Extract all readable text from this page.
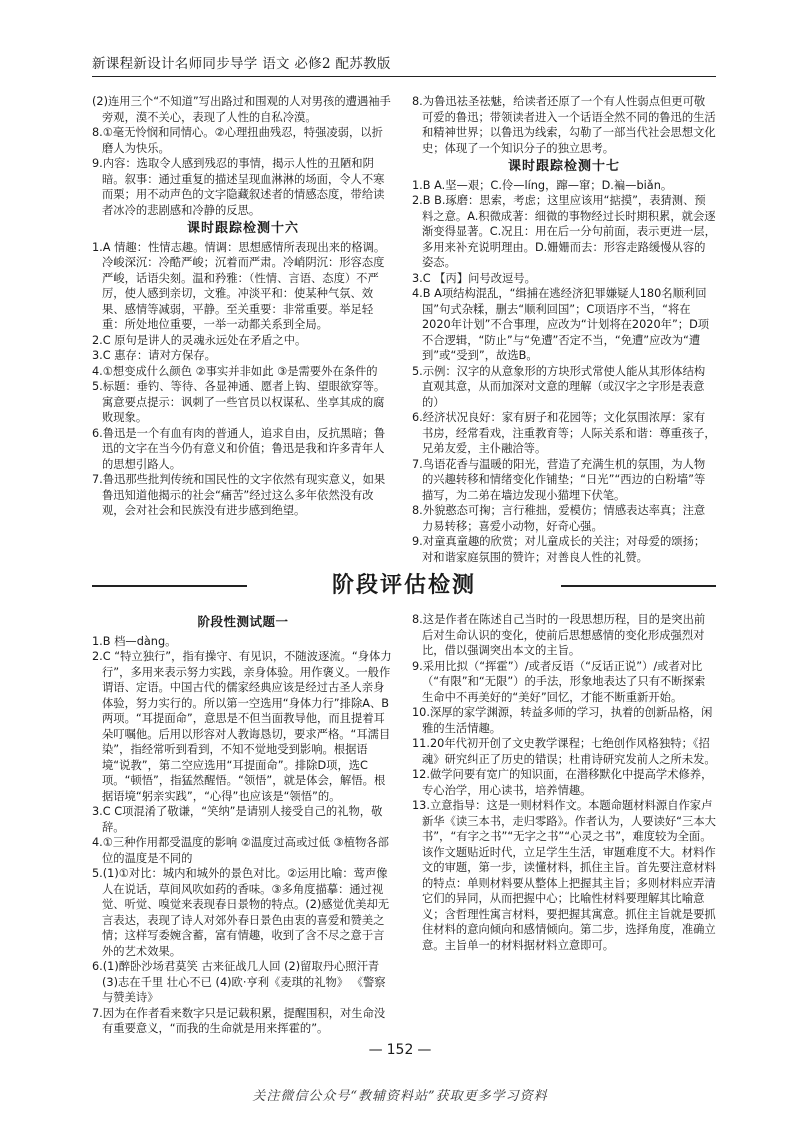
新课程新设计名师同步导学 语文 必修2 配苏教版

(2)连用三个“不知道”写出路过和围观的人对男孩的遭遇袖手旁观，漠不关心，表现了人性的自私冷漠。

8.①毫无怜悯和同情心。②心理扭曲残忍，特强凌弱，以折磨人为快乐。

9.内容：选取令人感到残忍的事情，揭示人性的丑陋和阴暗。叙事：通过重复的描述呈现血淋淋的场面，令人不寒而栗；用不动声色的文字隐藏叙述者的情感态度，带给读者冰冷的悲剧感和冷静的反思。

课时跟踪检测十六

1.A 情趣：性情志趣。情调：思想感情所表现出来的格调。冷峻深沉：冷酷严峻；沉着而严肃。冷峭阴沉：形容态度严峻，话语尖刻。温和矜雅：（性情、言语、态度）不严厉，使人感到亲切，文雅。冲淡平和：使某种气氛、效果、感情等减弱，平静。至关重要：非常重要。举足轻重：所处地位重要，一举一动都关系到全局。

2.C 原句是讲人的灵魂永远处在矛盾之中。

3.C 惠存：请对方保存。

4.①想变成什么颜色 ②事实并非如此 ③是需要外在条件的

5.标题：垂钓、等待、各显神通、愿者上钩、望眼欲穿等。寓意要点提示：讽刺了一些官员以权谋私、坐享其成的腐败现象。

6.鲁迅是一个有血有肉的普通人，追求自由，反抗黑暗；鲁迅的文字在当今仍有意义和价值；鲁迅是我和许多青年人的思想引路人。

7.鲁迅那些批判传统和国民性的文字依然有现实意义，如果鲁迅知道他揭示的社会“痛苦”经过这么多年依然没有改观，会对社会和民族没有进步感到绝望。

8.为鲁迅祛圣祛魅，给读者还原了一个有人性弱点但更可敬可爱的鲁迅；带领读者进入一个话语全然不同的鲁迅的生活和精神世界；以鲁迅为线索，勾勒了一部当代社会思想文化史；体现了一个知识分子的独立思考。

课时跟踪检测十七

1.B A.坚—艰；C.伶—líng，蹿—窜；D.褊—biǎn。

2.B B.琢磨：思索，考虑；这里应该用“掂摸”，表猜测、预料之意。A.积微成著：细微的事物经过长时期积累，就会逐渐变得显著。C.况且：用在后一分句前面，表示更进一层，多用来补充说明理由。D.姗姗而去：形容走路缓慢从容的姿态。

3.C 【丙】问号改逗号。

4.B A项结构混乱，“缉捕在逃经济犯罪嫌疑人180名顺利回国”句式杂糅，删去“顺利回国”；C项语序不当，“将在2020年计划”不合事理，应改为“计划将在2020年”；D项不合逻辑，“防止”与“免遭”否定不当，“免遭”应改为“遭到”或“受到”，故选B。

5.示例：汉字的从意象形的方块形式常使人能从其形体结构直观其意，从而加深对文意的理解（或汉字之字形是表意的）

6.经济状况良好：家有厨子和花园等；文化氛围浓厚：家有书房，经常看戏，注重教育等；人际关系和谐：尊重孩子，兄弟友爱，主仆融洽等。

7.鸟语花香与温暖的阳光，营造了充满生机的氛围，为人物的兴趣转移和情绪变化作铺垫；“日光”“西边的白粉墙”等描写，为二弟在墙边发现小猫埋下伏笔。

8.外貌憨态可掬；言行稚拙，爱模仿；情感表达率真；注意力易转移；喜爱小动物，好奇心强。

9.对童真童趣的欣赏；对儿童成长的关注；对母爱的颂扬；对和谐家庭氛围的赞许；对善良人性的礼赞。

阶段评估检测
阶段性测试题一

1.B 档—dàng。

2.C “特立独行”，指有操守、有见识，不随波逐流。“身体力行”，多用来表示努力实践，亲身体验。用作褒义。一般作谓语、定语。中国古代的儒家经典应该是经过古圣人亲身体验，努力实行的。所以第一空选用“身体力行”排除A、B两项。“耳提面命”，意思是不但当面教导他，而且提着耳朵叮嘱他。后用以形容对人教诲恳切，要求严格。“耳濡目染”，指经常听到看到，不知不觉地受到影响。根据语境“说教”，第二空应选用“耳提面命”。排除D项，选C项。“顿悟”，指猛然醒悟。“领悟”，就是体会，解悟。根据语境“躬亲实践”，“心得”也应该是“领悟”的。

3.C C项混淆了敬谦，“笑纳”是请别人接受自己的礼物，敬辞。

4.①三种作用都受温度的影响 ②温度过高或过低 ③植物各部位的温度是不同的

5.(1)①对比：城内和城外的景色对比。②运用比喻：莺声像人在说话，草间风吹如药的香味。③多角度描摹：通过视觉、听觉、嗅觉来表现春日景物的特点。(2)感觉优美却无言表达，表现了诗人对郊外春日景色由衷的喜爱和赞美之情；这样写委婉含蓄，富有情趣，收到了含不尽之意于言外的艺术效果。

6.(1)醉卧沙场君莫笑 古来征战几人回 (2)留取丹心照汗青 (3)志在千里 壮心不已 (4)欧·亨利《麦琪的礼物》 《警察与赞美诗》

7.因为在作者看来数字只是记载积累，提醒围积，对生命没有重要意义，“而我的生命就是用来挥霍的”。

8.这是作者在陈述自己当时的一段思想历程，目的是突出前后对生命认识的变化，使前后思想感情的变化形成强烈对比，借以强调突出本文的主旨。

9.采用比拟（“挥霍”）/或者反语（“反话正说”）/或者对比（“有限”和“无限”）的手法，形象地表达了只有不断探索生命中不再美好的“美好”回忆，才能不断重新开始。

10.深厚的家学渊源，转益多师的学习，执着的创新品格，闲雅的生活情趣。

11.20年代初开创了文史教学课程；七绝创作风格独特；《招魂》研究纠正了历史的错误；杜甫诗研究发前人之所未发。

12.做学问要有宽广的知识面，在潜移默化中提高学术修养，专心治学，用心读书，培养情趣。

13.立意指导：这是一则材料作文。本题命题材料源自作家卢新华《读三本书，走归零路》。作者认为，人要读好“三本大书”，“有字之书”“无字之书”“心灵之书”，难度较为全面。该作文题贴近时代，立足学生生活，审题难度不大。材料作文的审题，第一步，读懂材料，抓住主旨。首先要注意材料的特点：单则材料要从整体上把握其主旨；多则材料应弄清它们的异同，从而把握中心；比喻性材料要理解其比喻意义；含哲理性寓言材料，要把握其寓意。抓住主旨就是要抓住材料的意向倾向和感情倾向。第二步，选择角度，准确立意。主旨单一的材料据材料立意即可。

— 152 —
关注微信公众号“教辅资料站”获取更多学习资料
